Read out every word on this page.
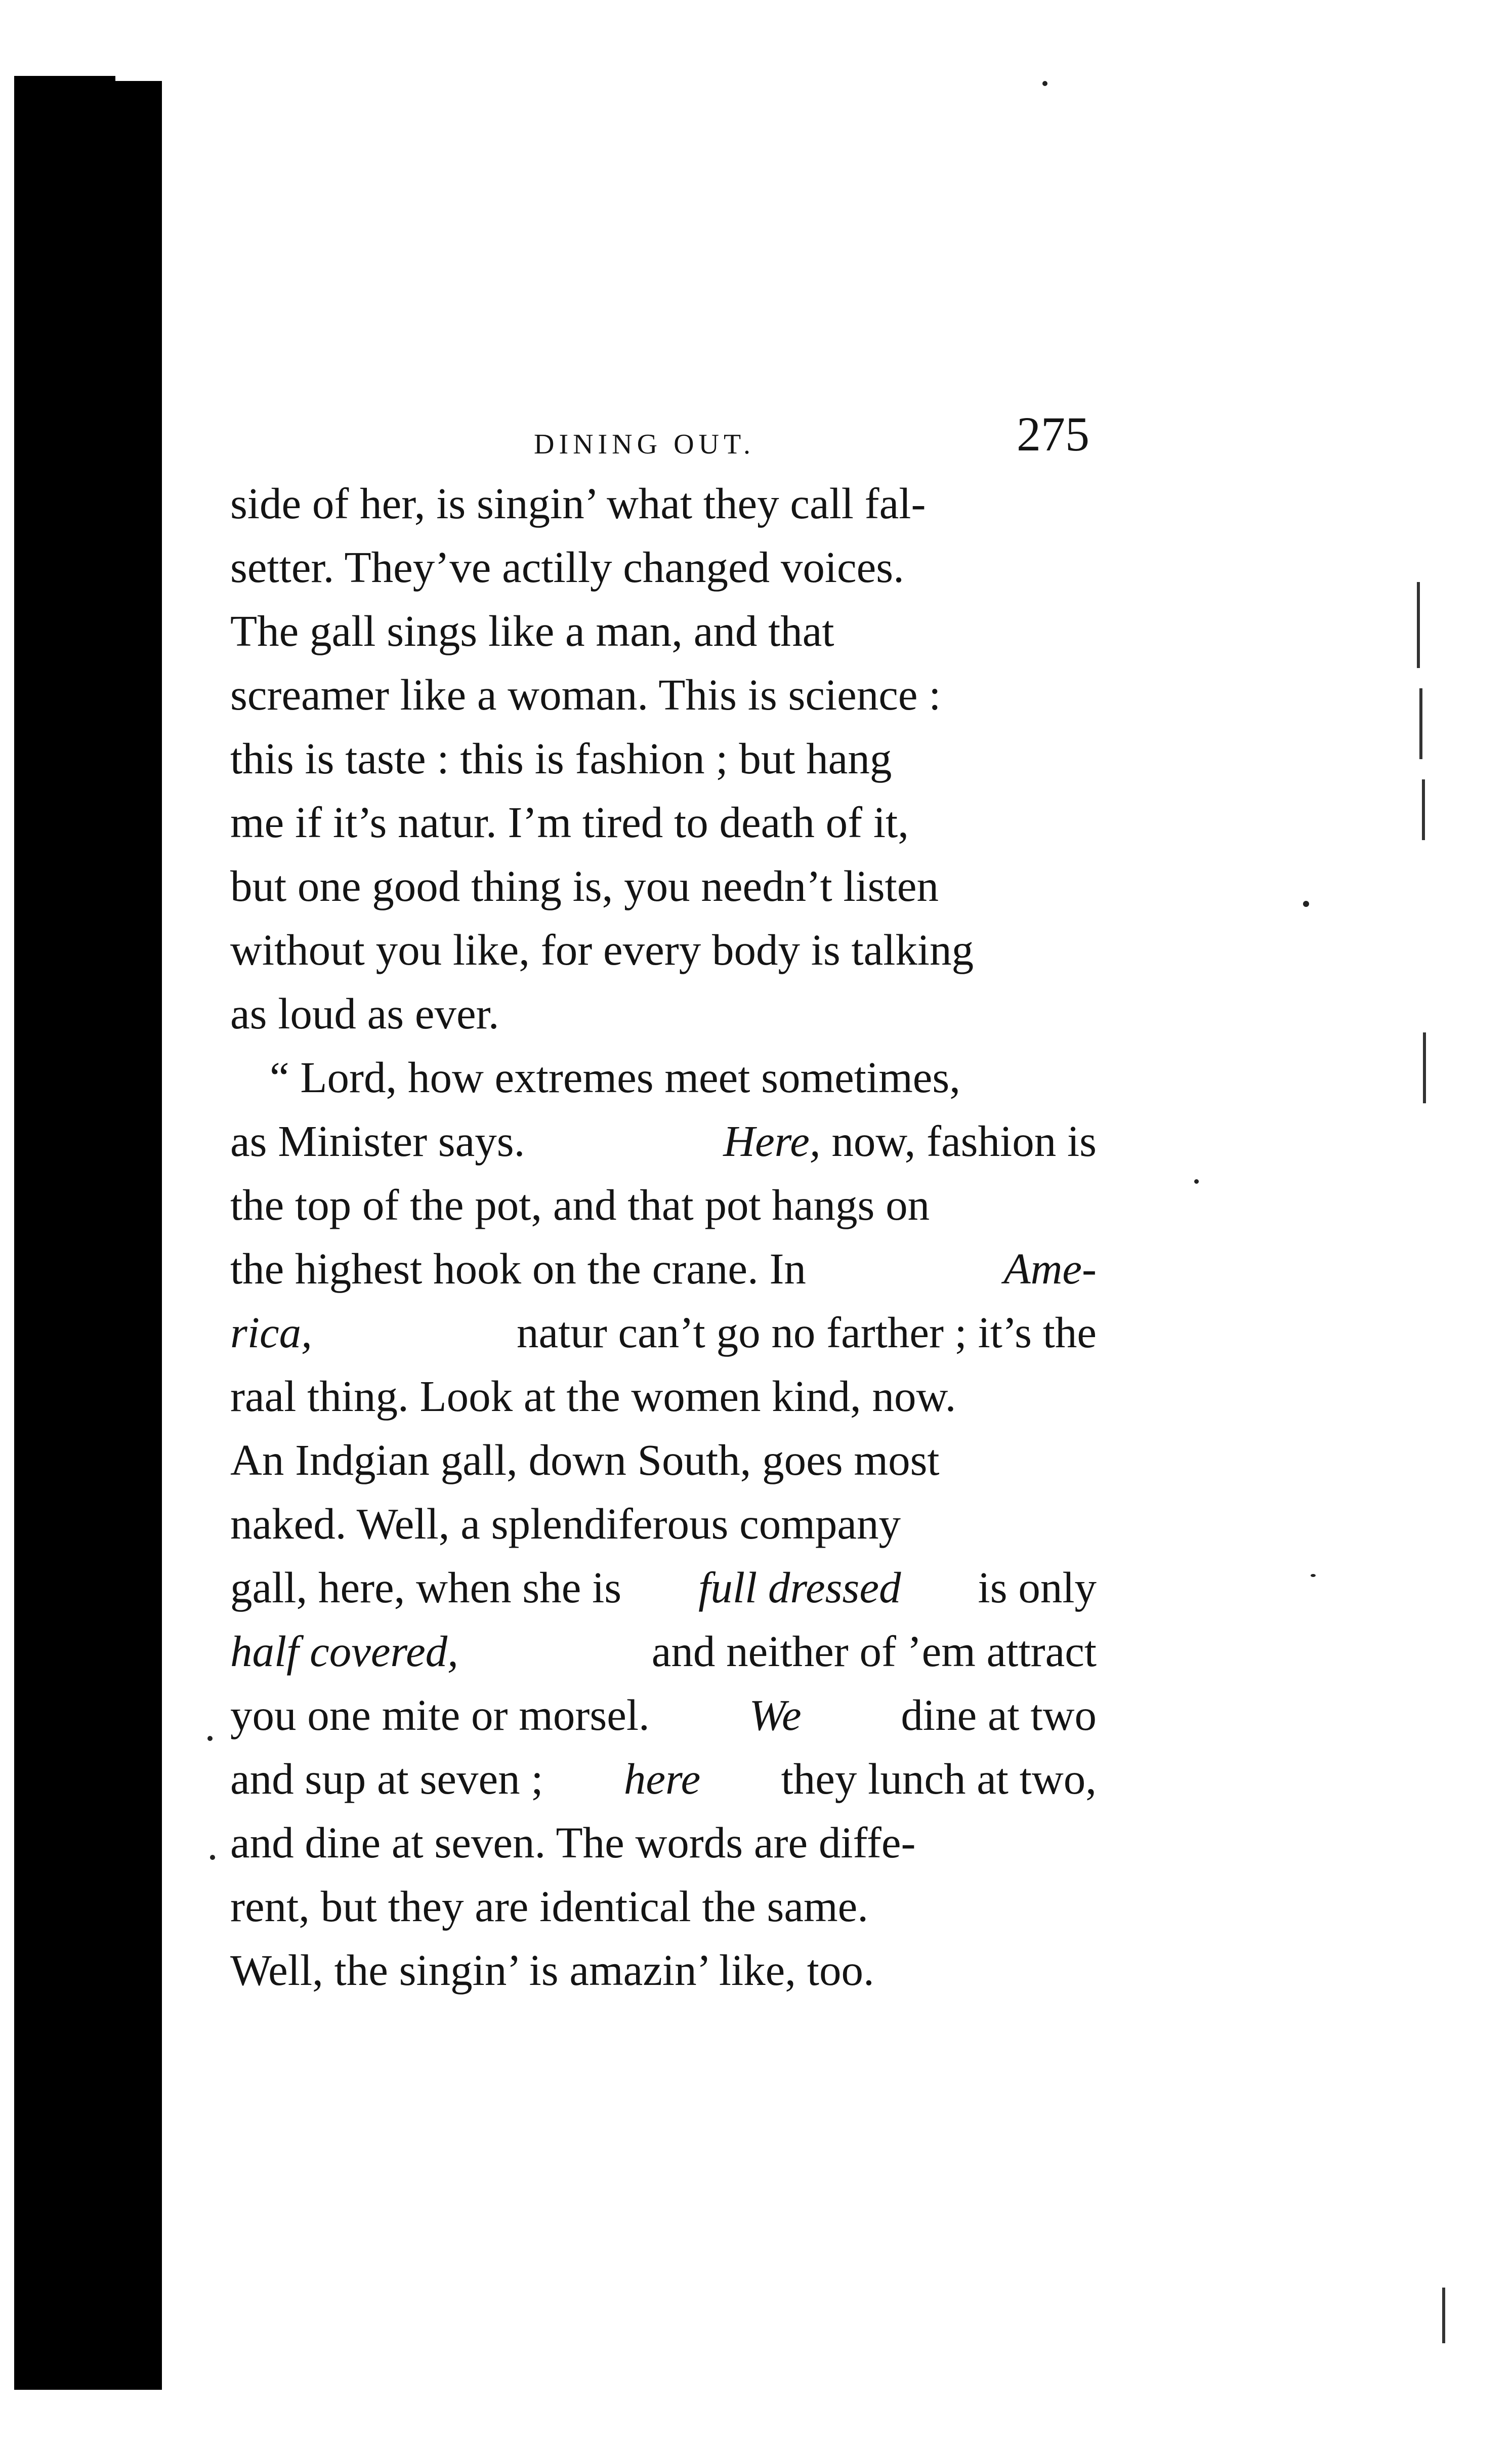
DINING OUT.	275
side of her, is singin’ what they call fal-
setter. They’ve actilly changed voices.
The gall sings like a man, and that
screamer like a woman. This is science :
this is taste : this is fashion ; but hang
me if it’s natur. I’m tired to death of it,
but one good thing is, you needn’t listen
without you like, for every body is talking
as loud as ever.
“ Lord, how extremes meet sometimes,
as Minister says.	Here, now, fashion is
the top of the pot, and that pot hangs on
the highest hook on the crane. In	Ame-
rica,	natur can’t go no farther ; it’s the
raal thing. Look at the women kind, now.
An Indgian gall, down South, goes most
naked. Well, a splendiferous company
gall, here, when she is full dressed is only
half covered,	and neither of ’em attract
you one mite or morsel. We dine at two
and sup at seven ; here they lunch at two,
and dine at seven. The words are diffe-
rent, but they are identical the same.
Well, the singin’ is amazin’ like, too.
